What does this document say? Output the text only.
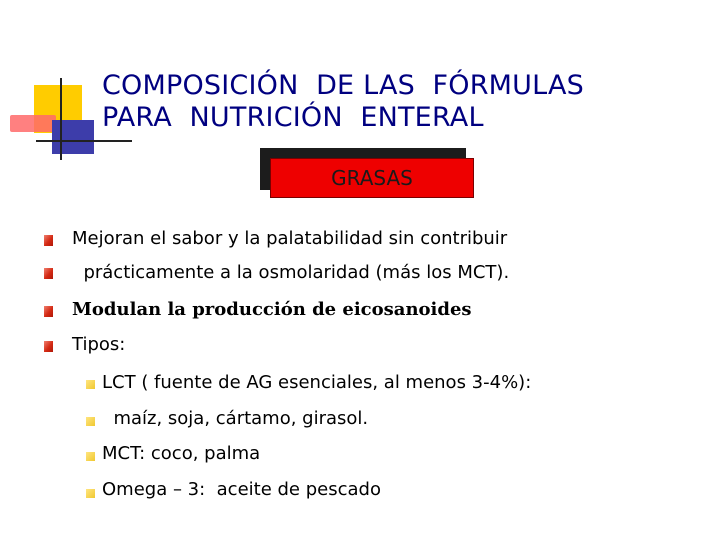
COMPOSICIÓN  DE LAS  FÓRMULAS
PARA  NUTRICIÓN  ENTERAL
GRASAS
Mejoran el sabor y la palatabilidad sin contribuir
prácticamente a la osmolaridad (más los MCT).
Modulan la producción de eicosanoides
Tipos:
LCT ( fuente de AG esenciales, al menos 3-4%):
maíz, soja, cártamo, girasol.
MCT: coco, palma
Omega – 3:  aceite de pescado
